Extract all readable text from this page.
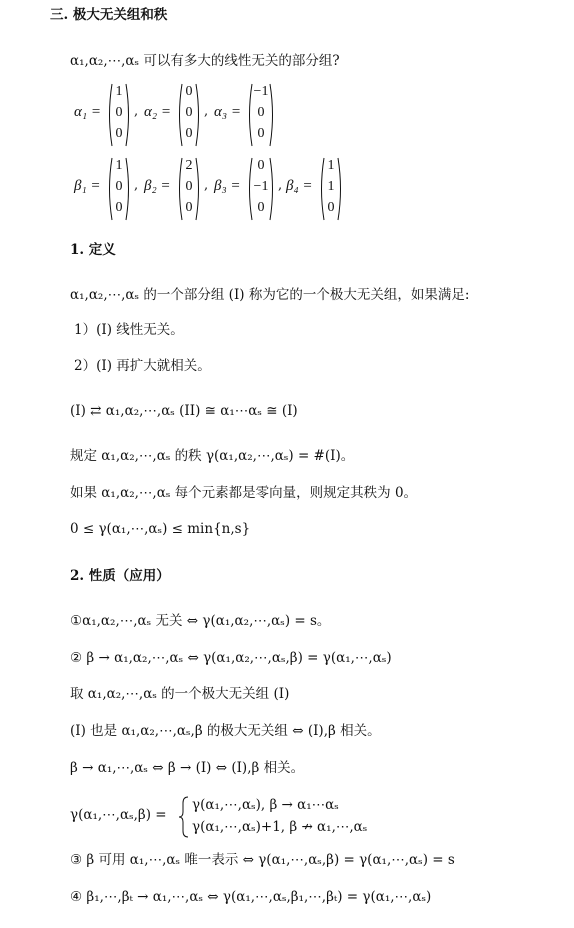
三. 极大无关组和秩
α₁,α₂,⋯,αₛ 可以有多大的线性无关的部分组?
α₁ =
1
0
0
, α₂ =
0
0
0
, α₃ =
−1
0
0
β₁ =
1
0
0
, β₂ =
2
0
0
, β₃ =
0
−1
0
, β₄ =
1
1
0
1. 定义
α₁,α₂,⋯,αₛ 的一个部分组 (I) 称为它的一个极大无关组，如果满足:
1）(I) 线性无关。
2）(I) 再扩大就相关。
(I) ⇄ α₁,α₂,⋯,αₛ (II) ≅ α₁⋯αₛ ≅ (I)
规定 α₁,α₂,⋯,αₛ 的秩 γ(α₁,α₂,⋯,αₛ) = #(I)。
如果 α₁,α₂,⋯,αₛ 每个元素都是零向量，则规定其秩为 0。
0 ≤ γ(α₁,⋯,αₛ) ≤ min{n,s}
2. 性质（应用）
①α₁,α₂,⋯,αₛ 无关 ⇔ γ(α₁,α₂,⋯,αₛ) = s。
② β → α₁,α₂,⋯,αₛ ⇔ γ(α₁,α₂,⋯,αₛ,β) = γ(α₁,⋯,αₛ)
取 α₁,α₂,⋯,αₛ 的一个极大无关组 (I)
(I) 也是 α₁,α₂,⋯,αₛ,β 的极大无关组 ⇔ (I),β 相关。
β → α₁,⋯,αₛ ⇔ β → (I) ⇔ (I),β 相关。
γ(α₁,⋯,αₛ,β) =
γ(α₁,⋯,αₛ), β → α₁⋯αₛ
γ(α₁,⋯,αₛ)+1, β ↛ α₁,⋯,αₛ
③ β 可用 α₁,⋯,αₛ 唯一表示 ⇔ γ(α₁,⋯,αₛ,β) = γ(α₁,⋯,αₛ) = s
④ β₁,⋯,βₜ → α₁,⋯,αₛ ⇔ γ(α₁,⋯,αₛ,β₁,⋯,βₜ) = γ(α₁,⋯,αₛ)
